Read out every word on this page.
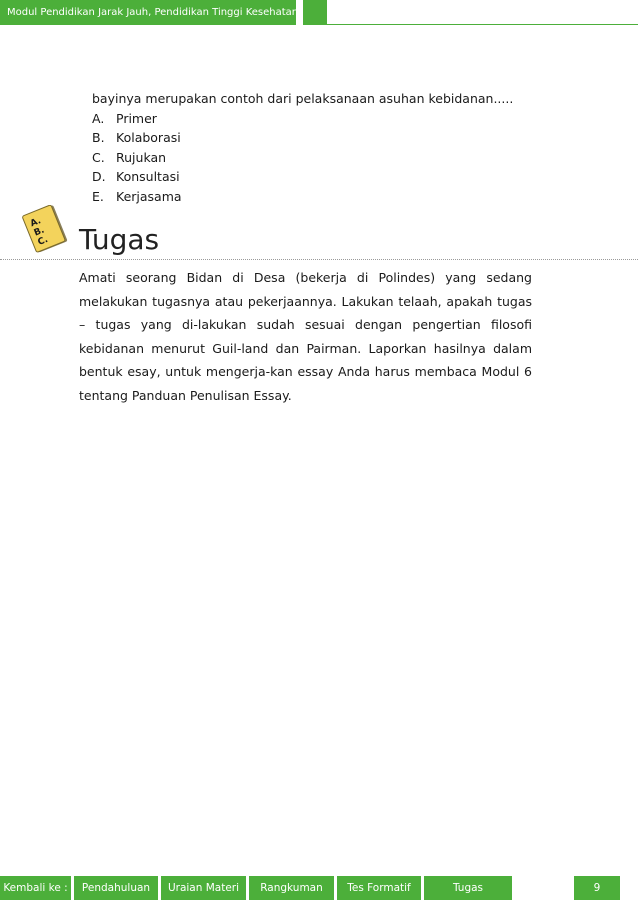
Modul Pendidikan Jarak Jauh, Pendidikan Tinggi Kesehatan
bayinya merupakan contoh dari pelaksanaan asuhan kebidanan.....
A. Primer
B. Kolaborasi
C. Rujukan
D. Konsultasi
E. Kerjasama
A.
B.
C. Tugas
Amati seorang Bidan di Desa (bekerja di Polindes) yang sedang melakukan tugasnya atau pekerjaannya. Lakukan telaah, apakah tugas – tugas yang di-lakukan sudah sesuai dengan pengertian filosofi kebidanan menurut Guil-land dan Pairman. Laporkan hasilnya dalam bentuk esay, untuk mengerja-kan essay Anda harus membaca Modul 6 tentang Panduan Penulisan Essay.
Kembali ke :	Pendahuluan	Uraian Materi	Rangkuman	Tes Formatif	Tugas	9
